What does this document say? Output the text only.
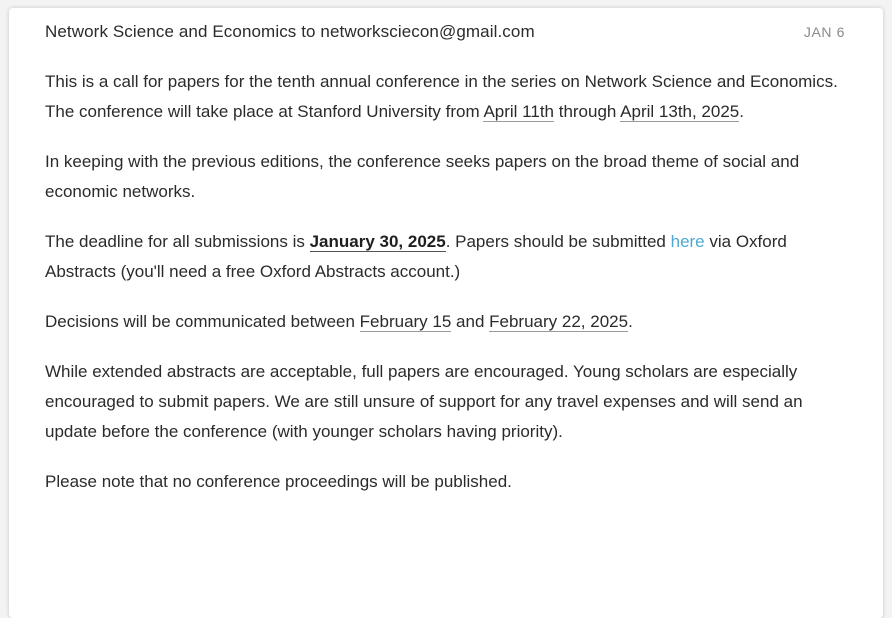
Network Science and Economics to networksciecon@gmail.com	JAN 6

This is a call for papers for the tenth annual conference in the series on Network Science and Economics. The conference will take place at Stanford University from April 11th through April 13th, 2025.

In keeping with the previous editions, the conference seeks papers on the broad theme of social and economic networks.

The deadline for all submissions is January 30, 2025. Papers should be submitted here via Oxford Abstracts (you'll need a free Oxford Abstracts account.)

Decisions will be communicated between February 15 and February 22, 2025.

While extended abstracts are acceptable, full papers are encouraged. Young scholars are especially encouraged to submit papers. We are still unsure of support for any travel expenses and will send an update before the conference (with younger scholars having priority).

Please note that no conference proceedings will be published.
